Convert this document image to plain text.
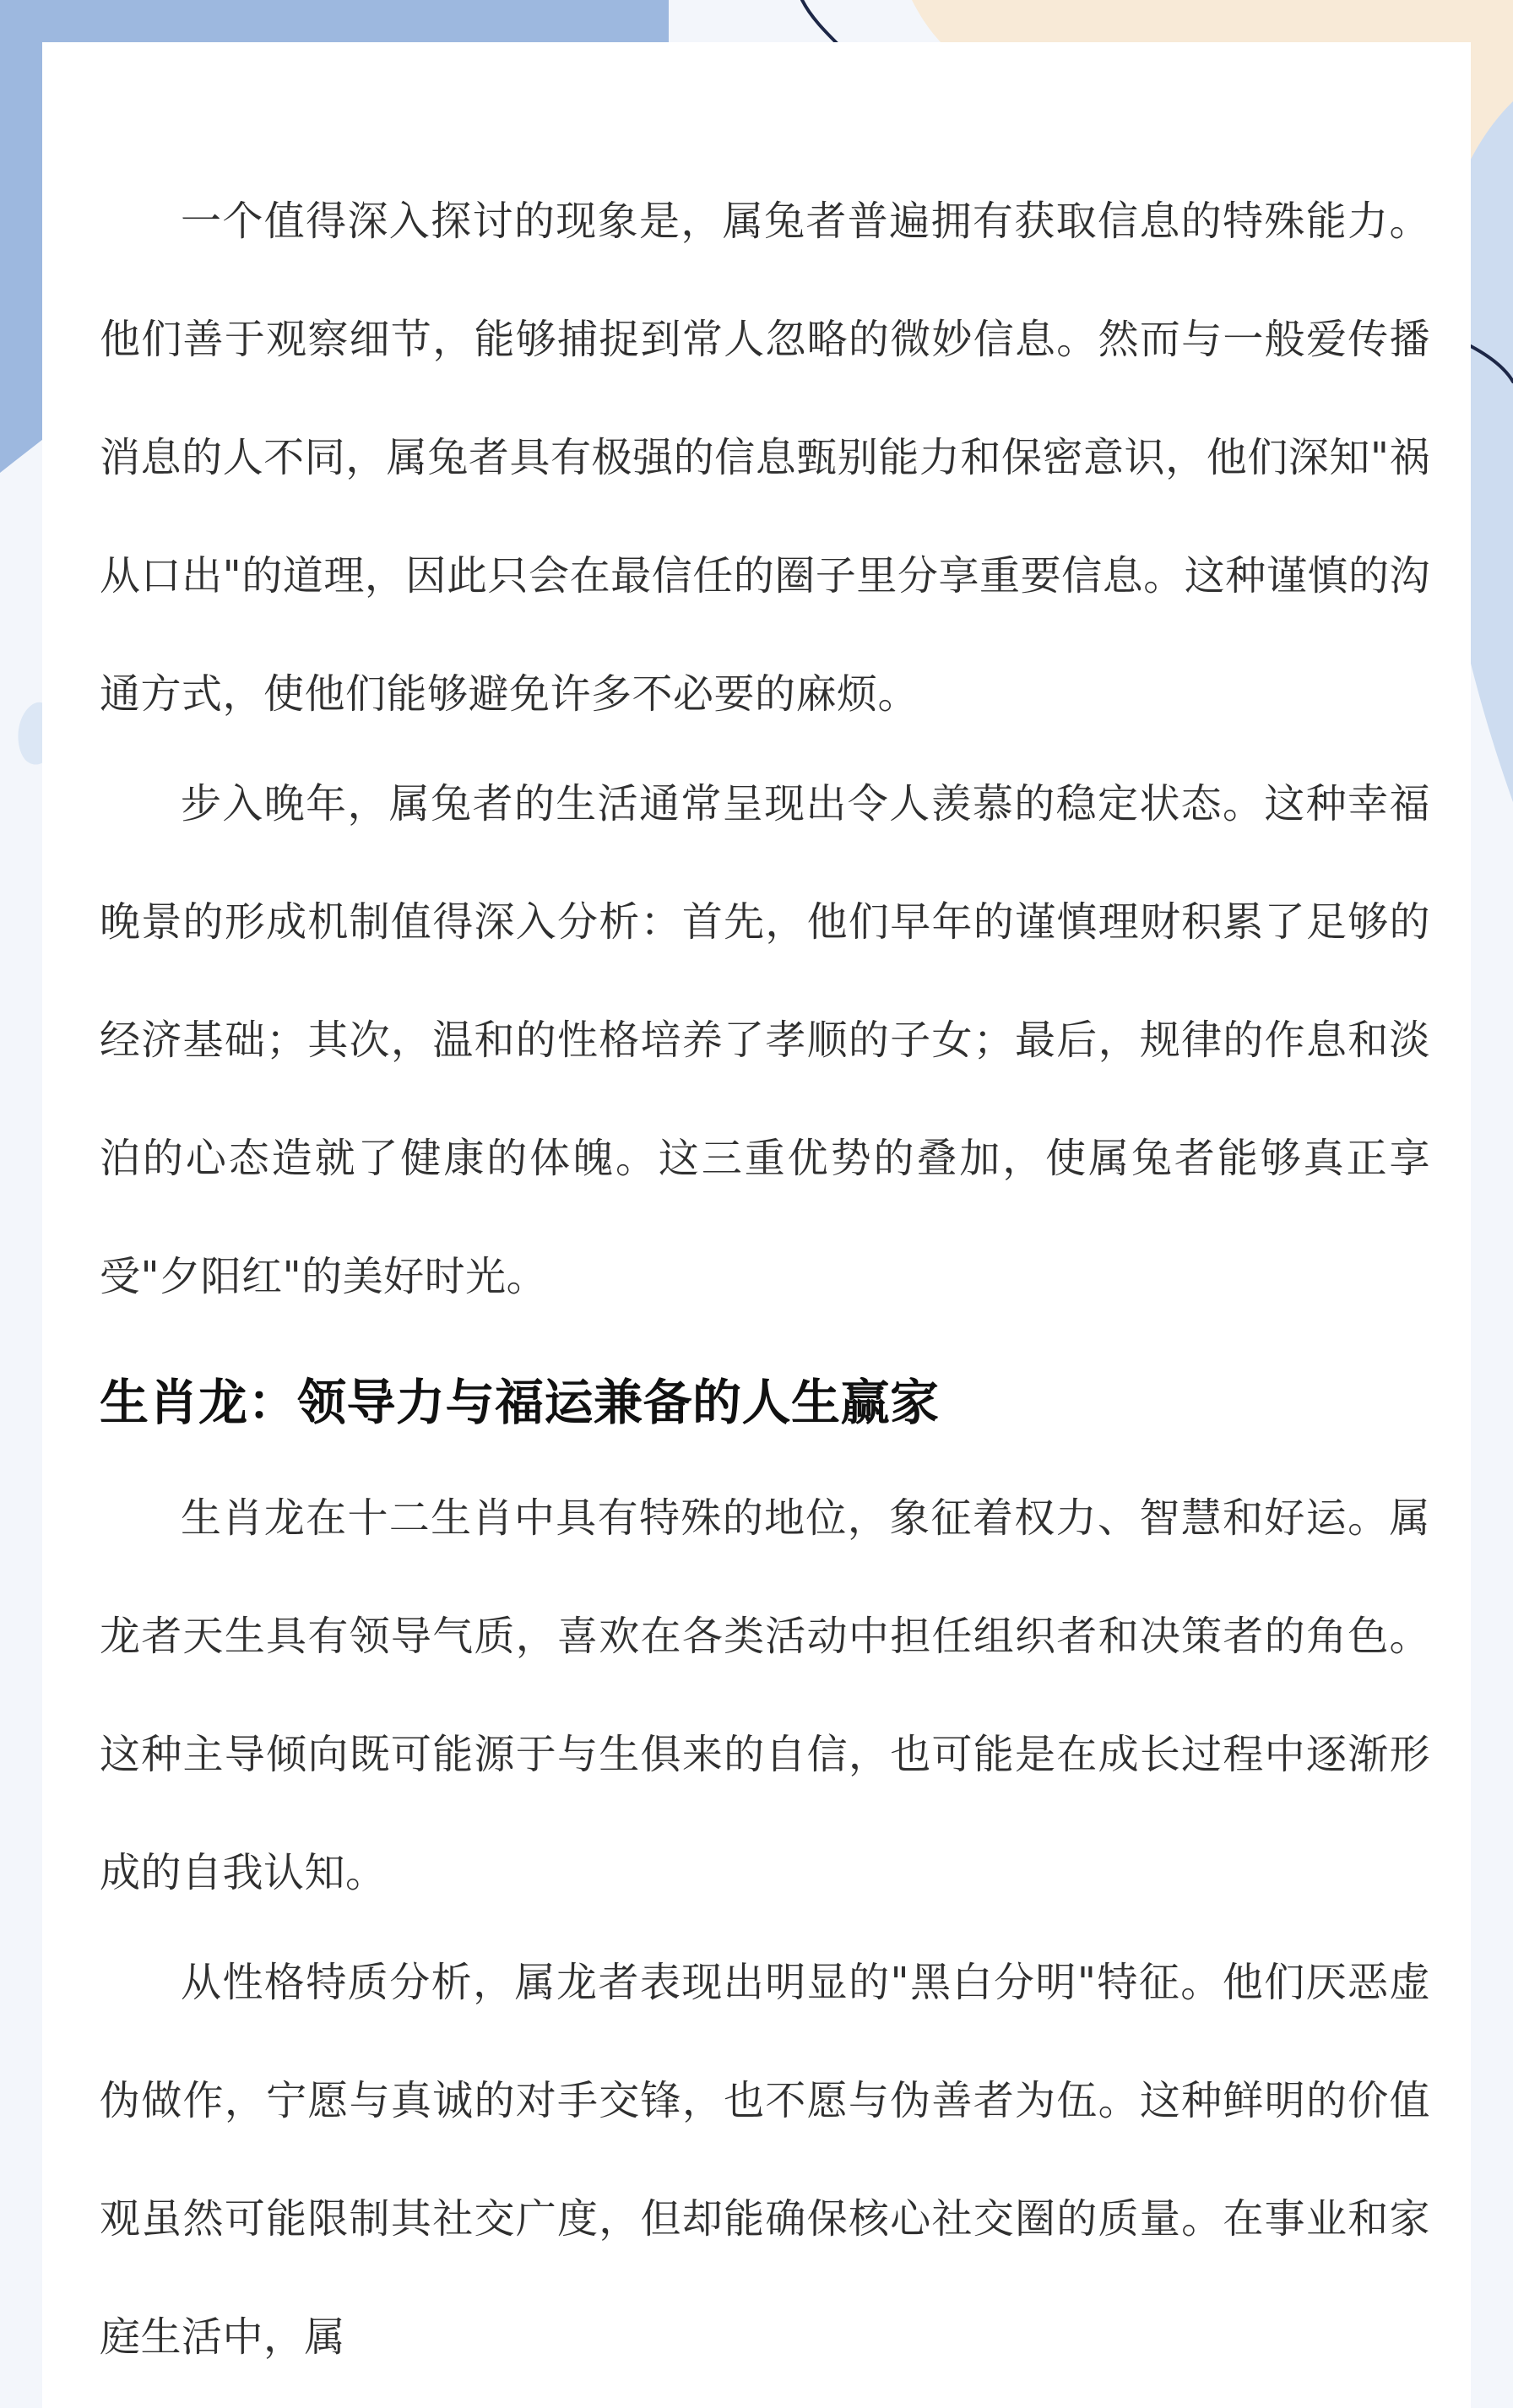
一个值得深入探讨的现象是，属兔者普遍拥有获取信息的特殊能力。他们善于观察细节，能够捕捉到常人忽略的微妙信息。然而与一般爱传播消息的人不同，属兔者具有极强的信息甄别能力和保密意识，他们深知"祸从口出"的道理，因此只会在最信任的圈子里分享重要信息。这种谨慎的沟通方式，使他们能够避免许多不必要的麻烦。

步入晚年，属兔者的生活通常呈现出令人羡慕的稳定状态。这种幸福晚景的形成机制值得深入分析：首先，他们早年的谨慎理财积累了足够的经济基础；其次，温和的性格培养了孝顺的子女；最后，规律的作息和淡泊的心态造就了健康的体魄。这三重优势的叠加，使属兔者能够真正享受"夕阳红"的美好时光。

生肖龙：领导力与福运兼备的人生赢家

生肖龙在十二生肖中具有特殊的地位，象征着权力、智慧和好运。属龙者天生具有领导气质，喜欢在各类活动中担任组织者和决策者的角色。这种主导倾向既可能源于与生俱来的自信，也可能是在成长过程中逐渐形成的自我认知。

从性格特质分析，属龙者表现出明显的"黑白分明"特征。他们厌恶虚伪做作，宁愿与真诚的对手交锋，也不愿与伪善者为伍。这种鲜明的价值观虽然可能限制其社交广度，但却能确保核心社交圈的质量。在事业和家庭生活中，属
